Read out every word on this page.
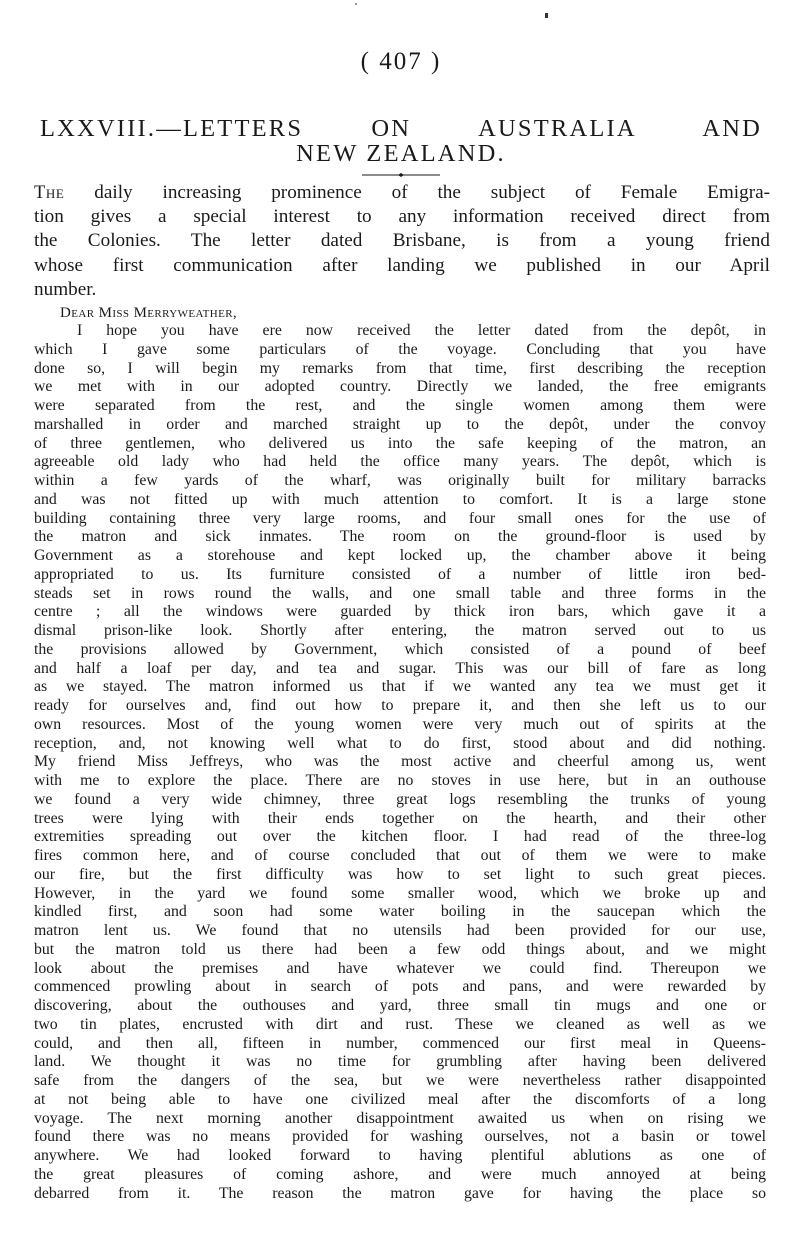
( 407 )
LXXVIII.—LETTERS ON AUSTRALIA AND
NEW ZEALAND.
The daily increasing prominence of the subject of Female Emigra-
tion gives a special interest to any information received direct from
the Colonies. The letter dated Brisbane, is from a young friend
whose first communication after landing we published in our April
number.
Dear Miss Merryweather,
I hope you have ere now received the letter dated from the depôt, in
which I gave some particulars of the voyage. Concluding that you have
done so, I will begin my remarks from that time, first describing the reception
we met with in our adopted country. Directly we landed, the free emigrants
were separated from the rest, and the single women among them were
marshalled in order and marched straight up to the depôt, under the convoy
of three gentlemen, who delivered us into the safe keeping of the matron, an
agreeable old lady who had held the office many years. The depôt, which is
within a few yards of the wharf, was originally built for military barracks
and was not fitted up with much attention to comfort. It is a large stone
building containing three very large rooms, and four small ones for the use of
the matron and sick inmates. The room on the ground-floor is used by
Government as a storehouse and kept locked up, the chamber above it being
appropriated to us. Its furniture consisted of a number of little iron bed-
steads set in rows round the walls, and one small table and three forms in the
centre ; all the windows were guarded by thick iron bars, which gave it a
dismal prison-like look. Shortly after entering, the matron served out to us
the provisions allowed by Government, which consisted of a pound of beef
and half a loaf per day, and tea and sugar. This was our bill of fare as long
as we stayed. The matron informed us that if we wanted any tea we must get it
ready for ourselves and, find out how to prepare it, and then she left us to our
own resources. Most of the young women were very much out of spirits at the
reception, and, not knowing well what to do first, stood about and did nothing.
My friend Miss Jeffreys, who was the most active and cheerful among us, went
with me to explore the place. There are no stoves in use here, but in an outhouse
we found a very wide chimney, three great logs resembling the trunks of young
trees were lying with their ends together on the hearth, and their other
extremities spreading out over the kitchen floor. I had read of the three-log
fires common here, and of course concluded that out of them we were to make
our fire, but the first difficulty was how to set light to such great pieces.
However, in the yard we found some smaller wood, which we broke up and
kindled first, and soon had some water boiling in the saucepan which the
matron lent us. We found that no utensils had been provided for our use,
but the matron told us there had been a few odd things about, and we might
look about the premises and have whatever we could find. Thereupon we
commenced prowling about in search of pots and pans, and were rewarded by
discovering, about the outhouses and yard, three small tin mugs and one or
two tin plates, encrusted with dirt and rust. These we cleaned as well as we
could, and then all, fifteen in number, commenced our first meal in Queens-
land. We thought it was no time for grumbling after having been delivered
safe from the dangers of the sea, but we were nevertheless rather disappointed
at not being able to have one civilized meal after the discomforts of a long
voyage. The next morning another disappointment awaited us when on rising we
found there was no means provided for washing ourselves, not a basin or towel
anywhere. We had looked forward to having plentiful ablutions as one of
the great pleasures of coming ashore, and were much annoyed at being
debarred from it. The reason the matron gave for having the place so
